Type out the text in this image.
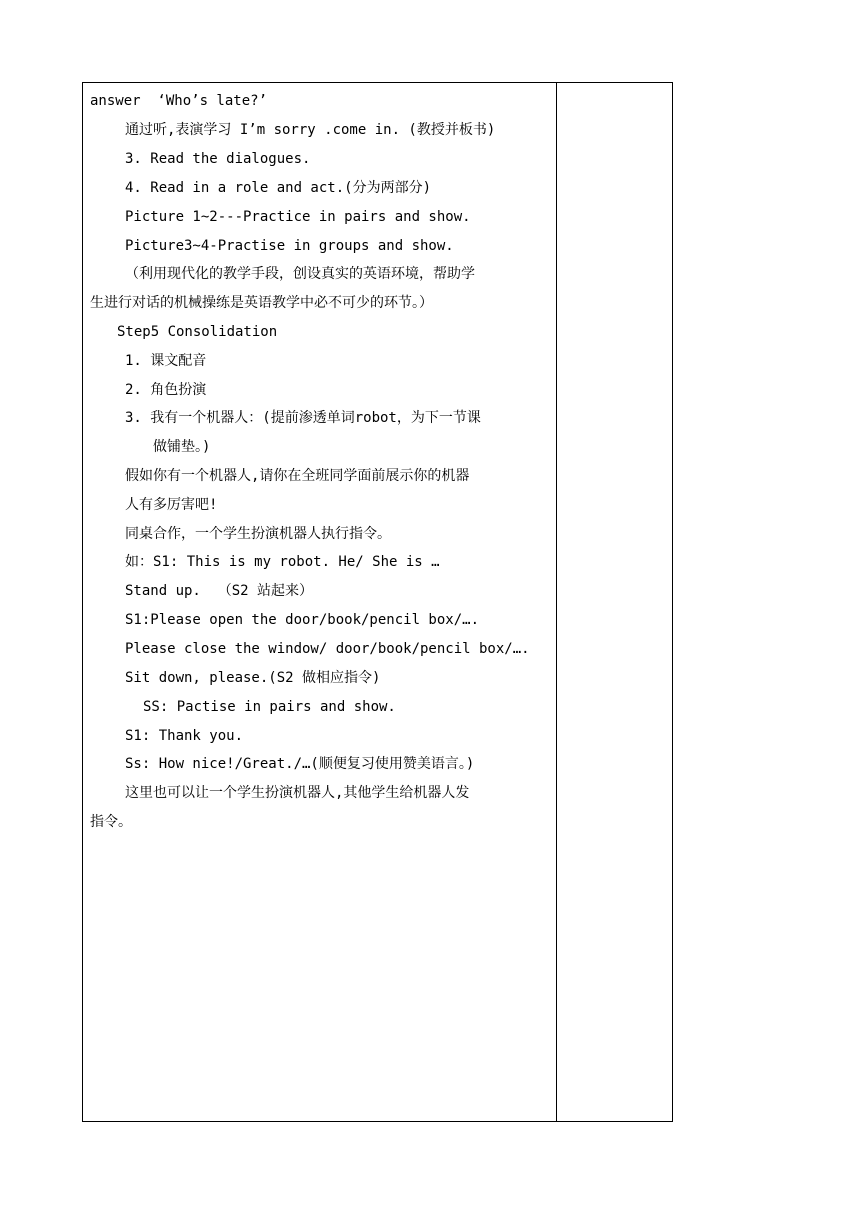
answer  ‘Who’s late?’
通过听,表演学习 I’m sorry .come in. (教授并板书)
3. Read the dialogues.
4. Read in a role and act.(分为两部分)
Picture 1~2---Practice in pairs and show.
Picture3~4-Practise in groups and show.
（利用现代化的教学手段，创设真实的英语环境，帮助学
生进行对话的机械操练是英语教学中必不可少的环节。）
Step5 Consolidation
1. 课文配音
2. 角色扮演
3. 我有一个机器人：(提前渗透单词robot，为下一节课
做铺垫。)
假如你有一个机器人,请你在全班同学面前展示你的机器
人有多厉害吧!
同桌合作，一个学生扮演机器人执行指令。
如：S1: This is my robot. He/ She is …
Stand up.  （S2 站起来）
S1:Please open the door/book/pencil box/….
Please close the window/ door/book/pencil box/….
Sit down, please.(S2 做相应指令)
SS: Pactise in pairs and show.
S1: Thank you.
Ss: How nice!/Great./…(顺便复习使用赞美语言。)
这里也可以让一个学生扮演机器人,其他学生给机器人发
指令。
